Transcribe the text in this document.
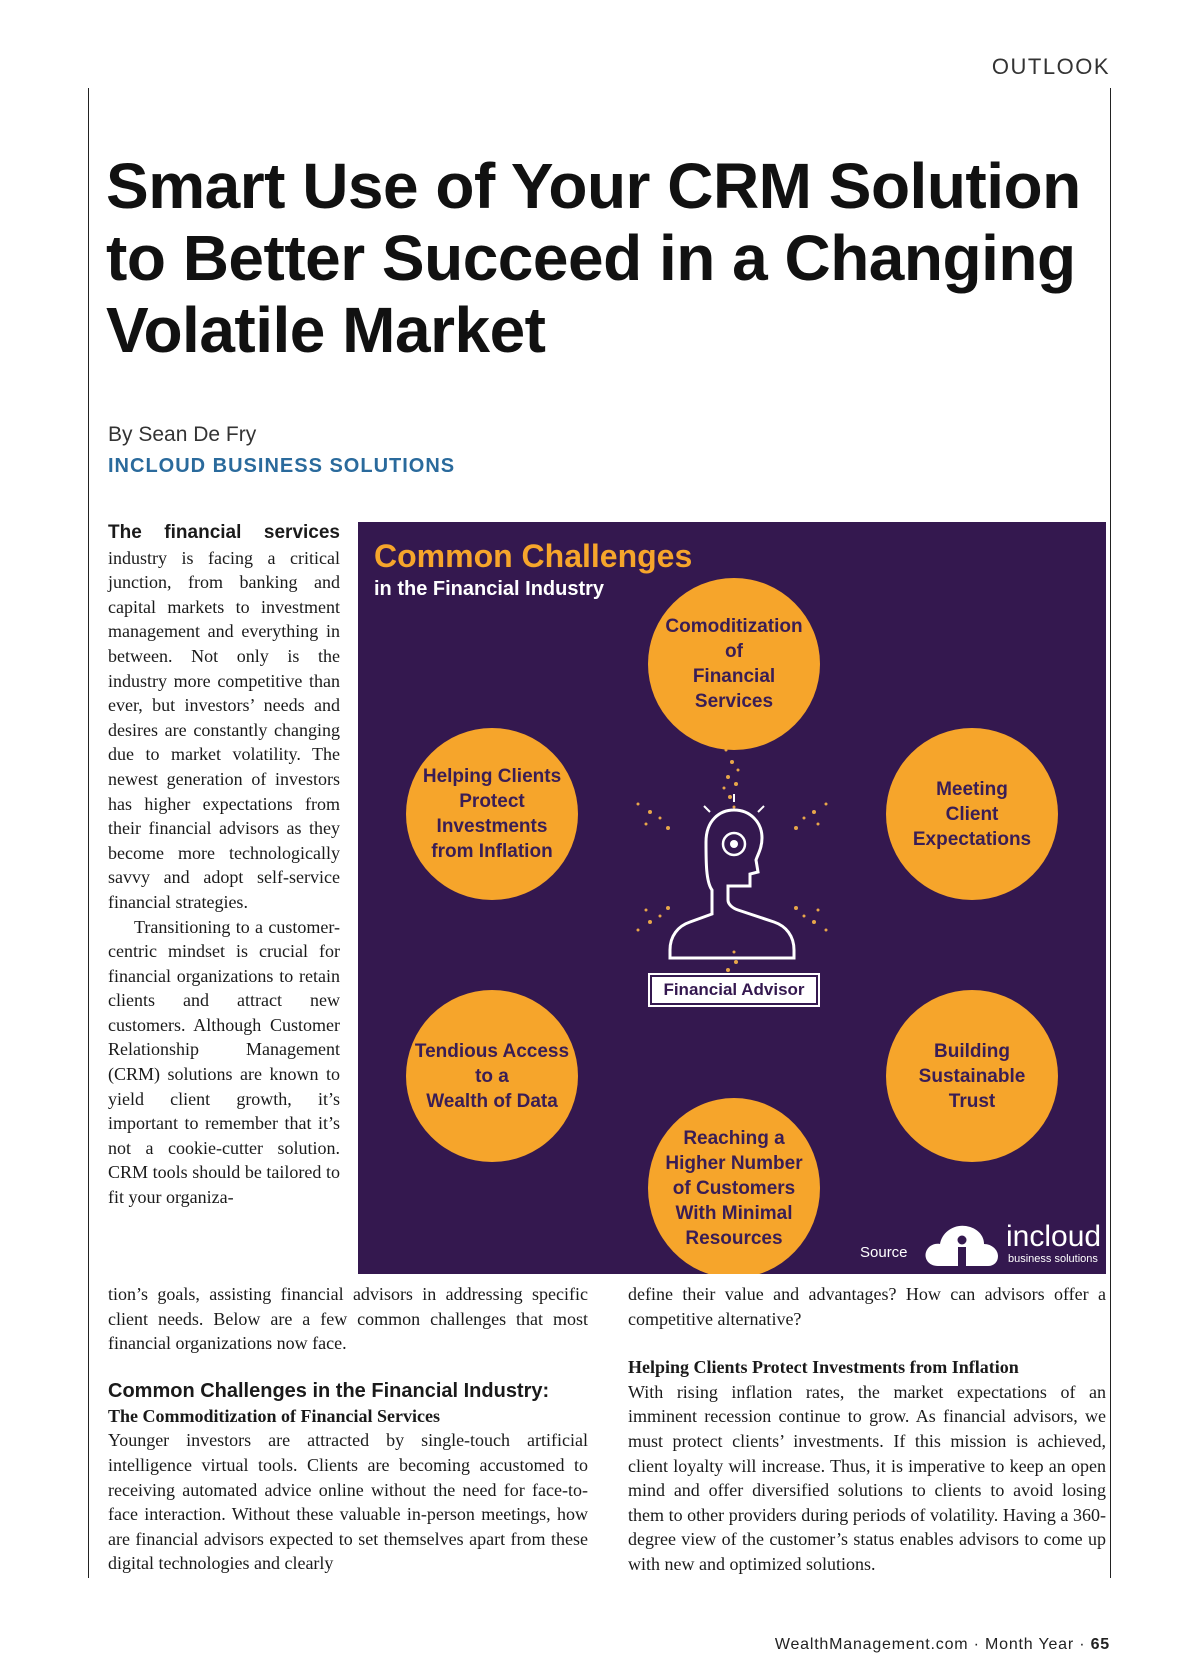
OUTLOOK
Smart Use of Your CRM Solution to Better Succeed in a Changing Volatile Market
By Sean De Fry
INCLOUD BUSINESS SOLUTIONS

The financial services industry is facing a critical junction, from banking and capital markets to investment management and everything in between. Not only is the industry more competitive than ever, but investors’ needs and desires are constantly changing due to market volatility. The newest generation of investors has higher expectations from their financial advisors as they become more technologically savvy and adopt self-service financial strategies.

Transitioning to a customer-centric mindset is crucial for financial organizations to retain clients and attract new customers. Although Customer Relationship Management (CRM) solutions are known to yield client growth, it’s important to remember that it’s not a cookie-cutter solution. CRM tools should be tailored to fit your organiza-

Common Challenges
in the Financial Industry
Comoditization
of
Financial
Services
Meeting
Client
Expectations
Building
Sustainable
Trust
Reaching a
Higher Number
of Customers
With Minimal
Resources
Tendious Access
to a
Wealth of Data
Helping Clients
Protect
Investments
from Inflation
Financial Advisor
Source	incloud
business solutions

tion’s goals, assisting financial advisors in addressing specific client needs. Below are a few common challenges that most financial organizations now face.

Common Challenges in the Financial Industry:

The Commoditization of Financial Services

Younger investors are attracted by single-touch artificial intelligence virtual tools. Clients are becoming accustomed to receiving automated advice online without the need for face-to-face interaction. Without these valuable in-person meetings, how are financial advisors expected to set themselves apart from these digital technologies and clearly

define their value and advantages? How can advisors offer a competitive alternative?

Helping Clients Protect Investments from Inflation

With rising inflation rates, the market expectations of an imminent recession continue to grow. As financial advisors, we must protect clients’ investments. If this mission is achieved, client loyalty will increase. Thus, it is imperative to keep an open mind and offer diversified solutions to clients to avoid losing them to other providers during periods of volatility. Having a 360-degree view of the customer’s status enables advisors to come up with new and optimized solutions.

WealthManagement.com · Month Year · 65
